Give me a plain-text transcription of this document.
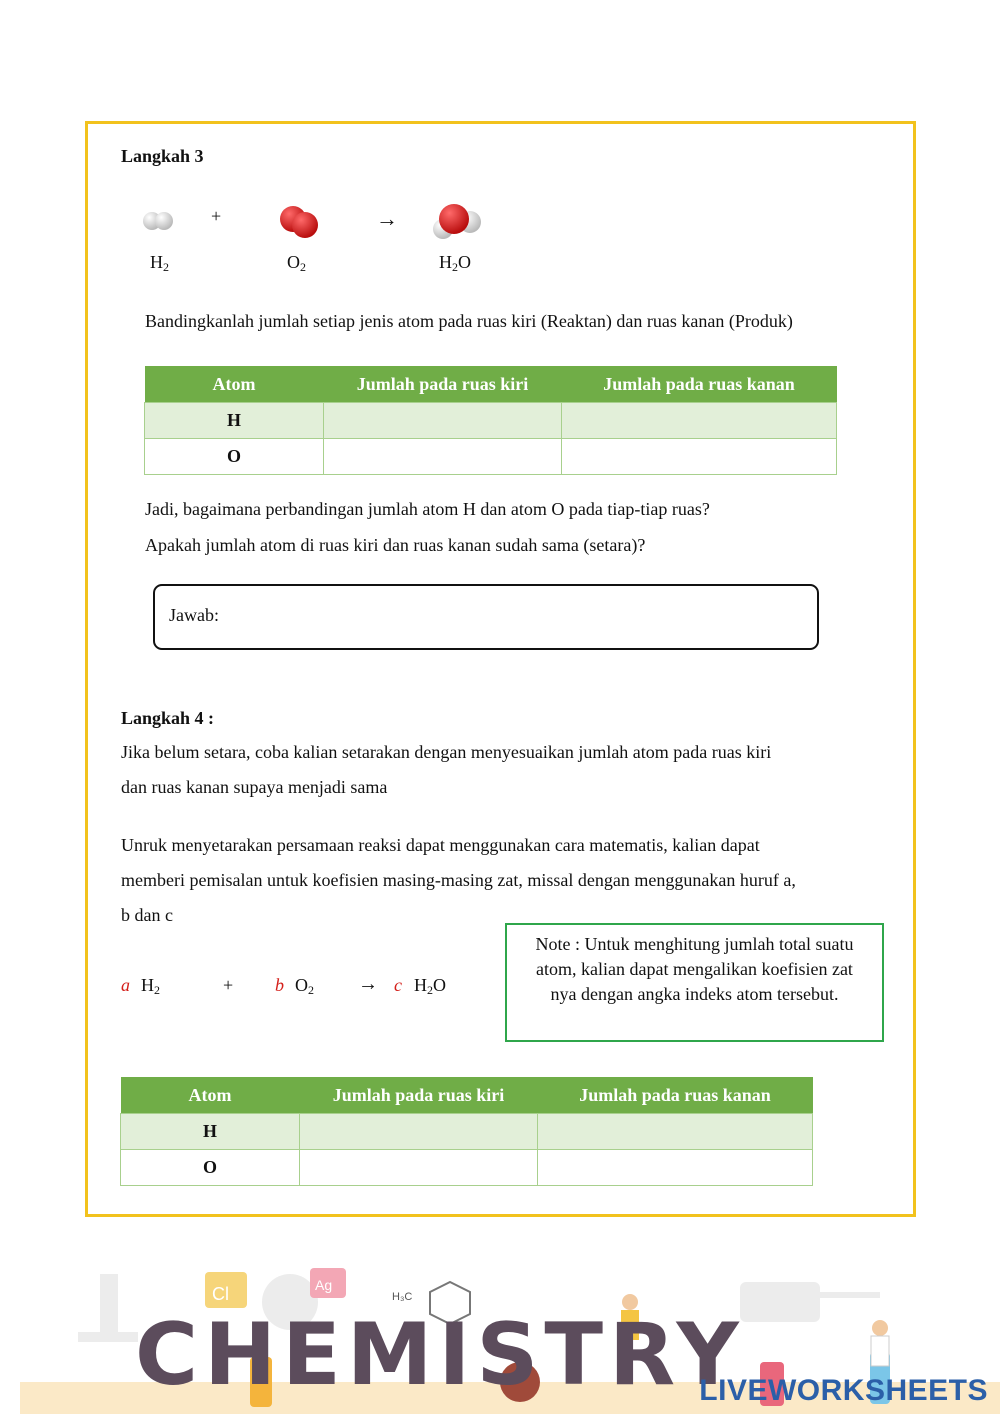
Langkah 3
+	→
$H_2$	$O_2$	$H_2O$
Bandingkanlah jumlah setiap jenis atom pada ruas kiri (Reaktan) dan ruas kanan (Produk)
Atom	Jumlah pada ruas kiri	Jumlah pada ruas kanan
H		
O		
Jadi, bagaimana perbandingan jumlah atom H dan atom O pada tiap-tiap ruas?
Apakah jumlah atom di ruas kiri dan ruas kanan sudah sama (setara)?
Jawab:
Langkah 4 :
Jika belum setara, coba kalian setarakan dengan menyesuaikan jumlah atom pada ruas kiri
dan ruas kanan supaya menjadi sama
Unruk menyetarakan persamaan reaksi dapat menggunakan cara matematis, kalian dapat
memberi pemisalan untuk koefisien masing-masing zat, missal dengan menggunakan huruf a,
b dan c
a $H_2$	+ b $O_2 \to c$ $H_2O$
Note : Untuk menghitung jumlah total suatu atom, kalian dapat mengalikan koefisien zat nya dengan angka indeks atom tersebut.
Atom	Jumlah pada ruas kiri	Jumlah pada ruas kanan
H		
O		
Cl	Ag
H₃C
CHEMISTRY
LIVEWORKSHEETS
